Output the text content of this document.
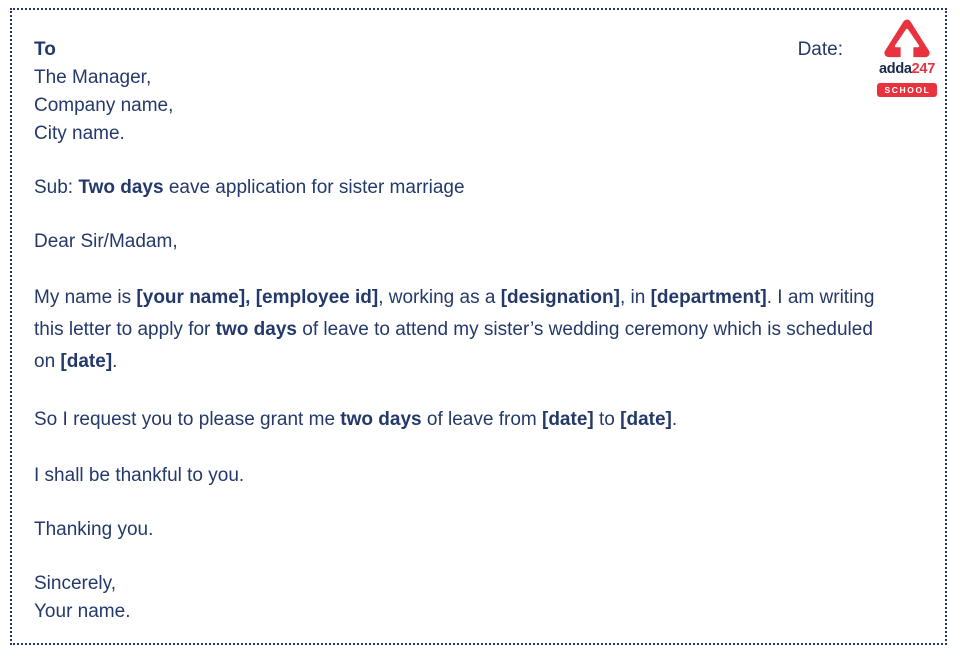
Date:
adda247
SCHOOL
To
The Manager,
Company name,
City name.
Sub: Two days eave application for sister marriage
Dear Sir/Madam,
My name is [your name], [employee id], working as a [designation], in [department]. I am writing this letter to apply for two days of leave to attend my sister’s wedding ceremony which is scheduled on [date].
So I request you to please grant me two days of leave from [date] to [date].
I shall be thankful to you.
Thanking you.
Sincerely,
Your name.
